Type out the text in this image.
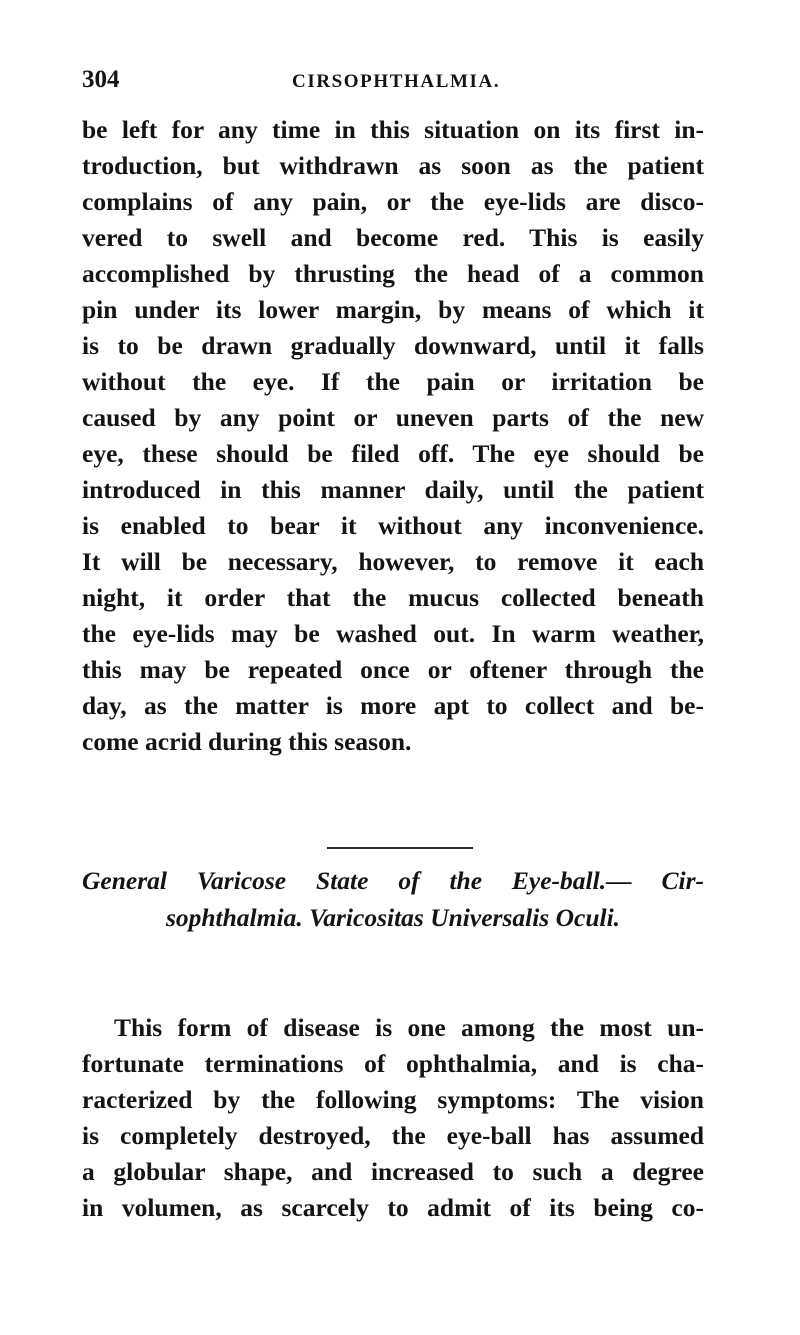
304	CIRSOPHTHALMIA.
be left for any time in this situation on its first in-
troduction, but withdrawn as soon as the patient
complains of any pain, or the eye-lids are disco-
vered to swell and become red. This is easily
accomplished by thrusting the head of a common
pin under its lower margin, by means of which it
is to be drawn gradually downward, until it falls
without the eye. If the pain or irritation be
caused by any point or uneven parts of the new
eye, these should be filed off. The eye should be
introduced in this manner daily, until the patient
is enabled to bear it without any inconvenience.
It will be necessary, however, to remove it each
night, it order that the mucus collected beneath
the eye-lids may be washed out. In warm weather,
this may be repeated once or oftener through the
day, as the matter is more apt to collect and be-
come acrid during this season.
General Varicose State of the Eye-ball.— Cir-
sophthalmia. Varicositas Universalis Oculi.
This form of disease is one among the most un-
fortunate terminations of ophthalmia, and is cha-
racterized by the following symptoms: The vision
is completely destroyed, the eye-ball has assumed
a globular shape, and increased to such a degree
in volumen, as scarcely to admit of its being co-
